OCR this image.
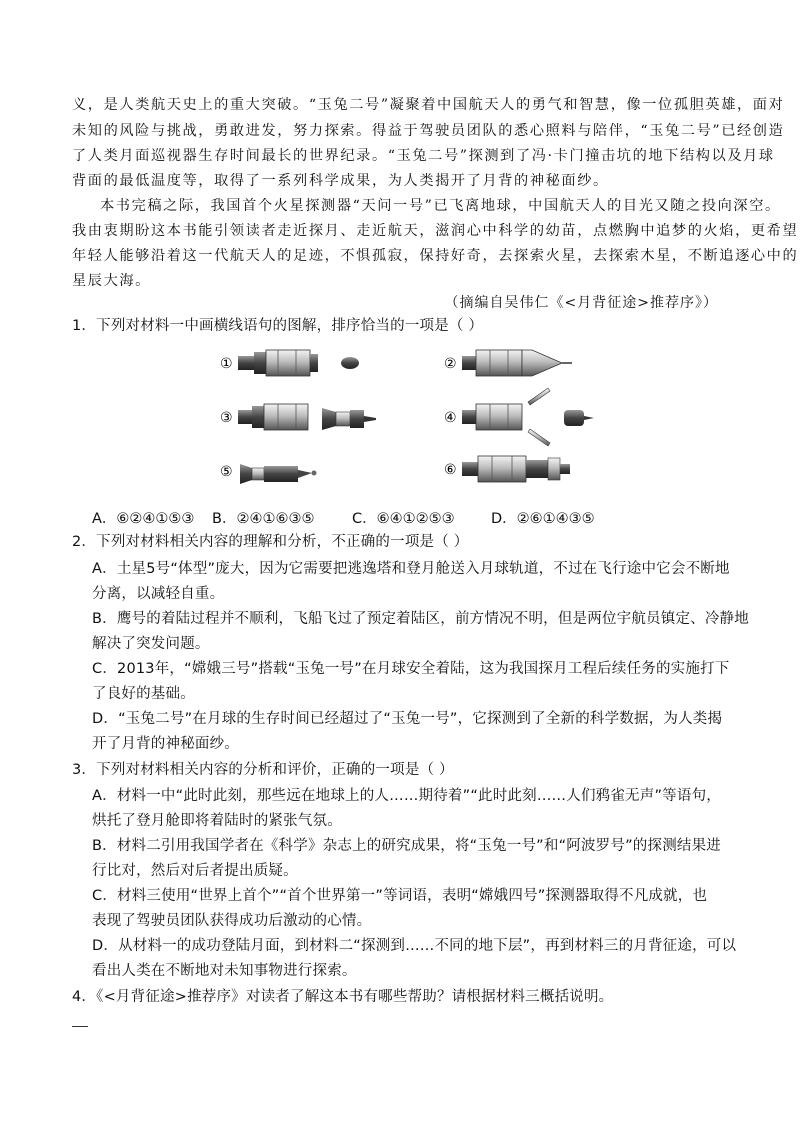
义，是人类航天史上的重大突破。“玉兔二号”凝聚着中国航天人的勇气和智慧，像一位孤胆英雄，面对
未知的风险与挑战，勇敢进发，努力探索。得益于驾驶员团队的悉心照料与陪伴，“玉兔二号”已经创造
了人类月面巡视器生存时间最长的世界纪录。“玉兔二号”探测到了冯·卡门撞击坑的地下结构以及月球
背面的最低温度等，取得了一系列科学成果，为人类揭开了月背的神秘面纱。
本书完稿之际，我国首个火星探测器“天问一号”已飞离地球，中国航天人的目光又随之投向深空。
我由衷期盼这本书能引领读者走近探月、走近航天，滋润心中科学的幼苗，点燃胸中追梦的火焰，更希望
年轻人能够沿着这一代航天人的足迹，不惧孤寂，保持好奇，去探索火星，去探索木星，不断追逐心中的
星辰大海。
（摘编自吴伟仁《<月背征途>推荐序》）
1．下列对材料一中画横线语句的图解，排序恰当的一项是（ ）
①	②
③	④
⑤	⑥
A．⑥②④①⑤③ B．②④①⑥③⑤	C．⑥④①②⑤③	D．②⑥①④③⑤
2．下列对材料相关内容的理解和分析，不正确的一项是（ ）
A．土星5号“体型”庞大，因为它需要把逃逸塔和登月舱送入月球轨道，不过在飞行途中它会不断地
分离，以减轻自重。
B．鹰号的着陆过程并不顺利，飞船飞过了预定着陆区，前方情况不明，但是两位宇航员镇定、冷静地
解决了突发问题。
C．2013年，“嫦娥三号”搭载“玉兔一号”在月球安全着陆，这为我国探月工程后续任务的实施打下
了良好的基础。
D．“玉兔二号”在月球的生存时间已经超过了“玉兔一号”，它探测到了全新的科学数据，为人类揭
开了月背的神秘面纱。
3．下列对材料相关内容的分析和评价，正确的一项是（ ）
A．材料一中“此时此刻，那些远在地球上的人……期待着”“此时此刻……人们鸦雀无声”等语句，
烘托了登月舱即将着陆时的紧张气氛。
B．材料二引用我国学者在《科学》杂志上的研究成果，将“玉兔一号”和“阿波罗号”的探测结果进
行比对，然后对后者提出质疑。
C．材料三使用“世界上首个”“首个世界第一”等词语，表明“嫦娥四号”探测器取得不凡成就，也
表现了驾驶员团队获得成功后激动的心情。
D．从材料一的成功登陆月面，到材料二“探测到……不同的地下层”，再到材料三的月背征途，可以
看出人类在不断地对未知事物进行探索。
4．《<月背征途>推荐序》对读者了解这本书有哪些帮助？请根据材料三概括说明。
